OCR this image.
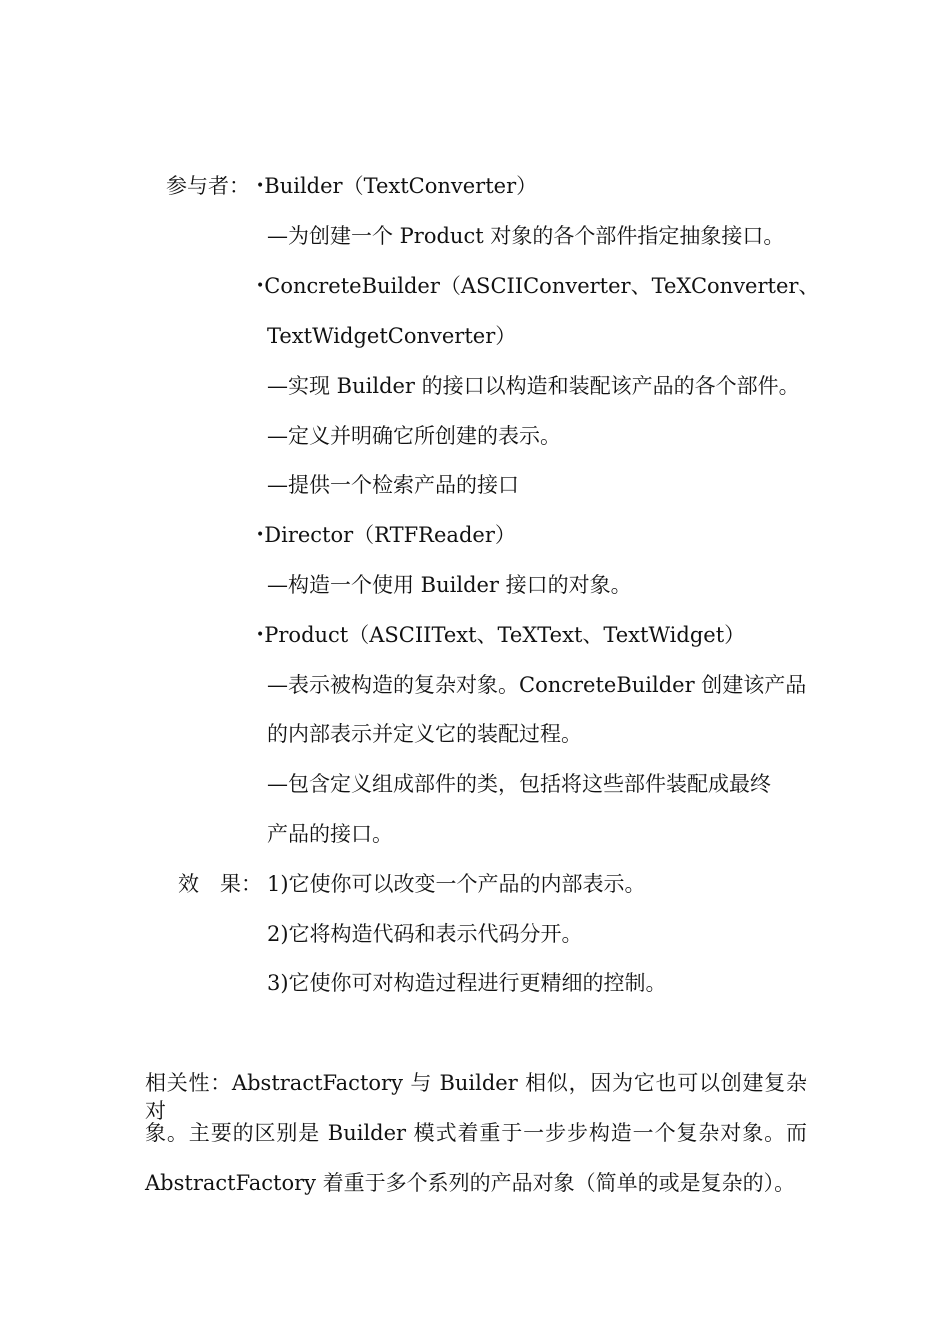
参与者： •Builder（TextConverter）
—为创建一个 Product 对象的各个部件指定抽象接口。
•ConcreteBuilder（ASCIIConverter、TeXConverter、
TextWidgetConverter）
—实现 Builder 的接口以构造和装配该产品的各个部件。
—定义并明确它所创建的表示。
—提供一个检索产品的接口
•Director（RTFReader）
—构造一个使用 Builder 接口的对象。
•Product（ASCIIText、TeXText、TextWidget）
—表示被构造的复杂对象。ConcreteBuilder 创建该产品
的内部表示并定义它的装配过程。
—包含定义组成部件的类，包括将这些部件装配成最终
产品的接口。
效　果： 1)它使你可以改变一个产品的内部表示。
2)它将构造代码和表示代码分开。
3)它使你可对构造过程进行更精细的控制。
相关性：AbstractFactory 与 Builder 相似，因为它也可以创建复杂对
象。主要的区别是 Builder 模式着重于一步步构造一个复杂对象。而
AbstractFactory 着重于多个系列的产品对象（简单的或是复杂的）。
